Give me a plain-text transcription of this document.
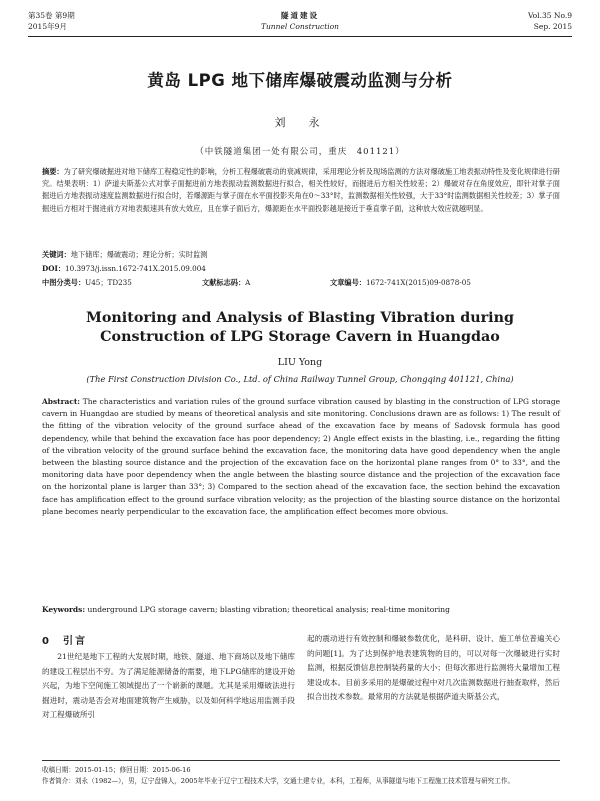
第35卷 第9期
2015年9月
隧道建设
Tunnel Construction
Vol.35 No.9
Sep. 2015
黄岛 LPG 地下储库爆破震动监测与分析
刘　永
（中铁隧道集团一处有限公司，重庆　401121）
摘要：为了研究爆破掘进对地下储库工程稳定性的影响，分析工程爆破震动的衰减规律，采用理论分析及现场监测的方法对爆破施工地表振动特性及变化规律进行研究。结果表明：1）萨道夫斯基公式对掌子面掘进前方地表振动监测数据进行拟合，相关性较好，而掘进后方相关性较差；2）爆破对存在角度效应，即针对掌子面掘进后方地表振动速度监测数据进行拟合时，若爆源距与掌子面在水平面投影夹角在0～33°时，监测数据相关性较强，大于33°时监测数据相关性较差；3）掌子面掘进后方相对于掘进前方对地表振速具有放大效应，且在掌子面后方，爆源距在水平面投影越是接近于垂直掌子面，这种放大效应就越明显。
关键词：地下储库；爆破震动；理论分析；实时监测
DOI：10.3973/j.issn.1672-741X.2015.09.004
中图分类号：U45；TD235	文献标志码：A	文章编号：1672-741X(2015)09-0878-05
Monitoring and Analysis of Blasting Vibration during
Construction of LPG Storage Cavern in Huangdao
LIU Yong
(The First Construction Division Co., Ltd. of China Railway Tunnel Group, Chongqing 401121, China)
Abstract: The characteristics and variation rules of the ground surface vibration caused by blasting in the construction of LPG storage cavern in Huangdao are studied by means of theoretical analysis and site monitoring. Conclusions drawn are as follows: 1) The result of the fitting of the vibration velocity of the ground surface ahead of the excavation face by means of Sadovsk formula has good dependency, while that behind the excavation face has poor dependency; 2) Angle effect exists in the blasting, i.e., regarding the fitting of the vibration velocity of the ground surface behind the excavation face, the monitoring data have good dependency when the angle between the blasting source distance and the projection of the excavation face on the horizontal plane ranges from 0° to 33°, and the monitoring data have poor dependency when the angle between the blasting source distance and the projection of the excavation face on the horizontal plane is larger than 33°; 3) Compared to the section ahead of the excavation face, the section behind the excavation face has amplification effect to the ground surface vibration velocity; as the projection of the blasting source distance on the horizontal plane becomes nearly perpendicular to the excavation face, the amplification effect becomes more obvious.
Keywords: underground LPG storage cavern; blasting vibration; theoretical analysis; real-time monitoring
0　引言
21世纪是地下工程的大发展时期，地铁、隧道、地下商场以及地下储库的建设工程层出不穷。为了满足能源储备的需要，地下LPG储库的建设开始兴起，为地下空间施工领域提出了一个崭新的课题。尤其是采用爆破法进行掘进时，震动是否会对地面建筑物产生威胁，以及如何科学地运用监测手段对工程爆破所引
起的震动进行有效控制和爆破参数优化，是科研、设计、施工单位普遍关心的问题[1]。为了达到保护地表建筑物的目的，可以对每一次爆破进行实时监测，根据反馈信息控制装药量的大小；但每次都进行监测将大量增加工程建设成本。目前多采用的是爆破过程中对几次监测数据进行抽查取样，然后拟合出技术参数。最常用的方法就是根据萨道夫斯基公式，
收稿日期：2015-01-15；修回日期：2015-06-16
作者简介：刘永（1982—），男，辽宁盘锦人，2005年毕业于辽宁工程技术大学，交通土建专业，本科，工程师，从事隧道与地下工程施工技术管理与研究工作。
